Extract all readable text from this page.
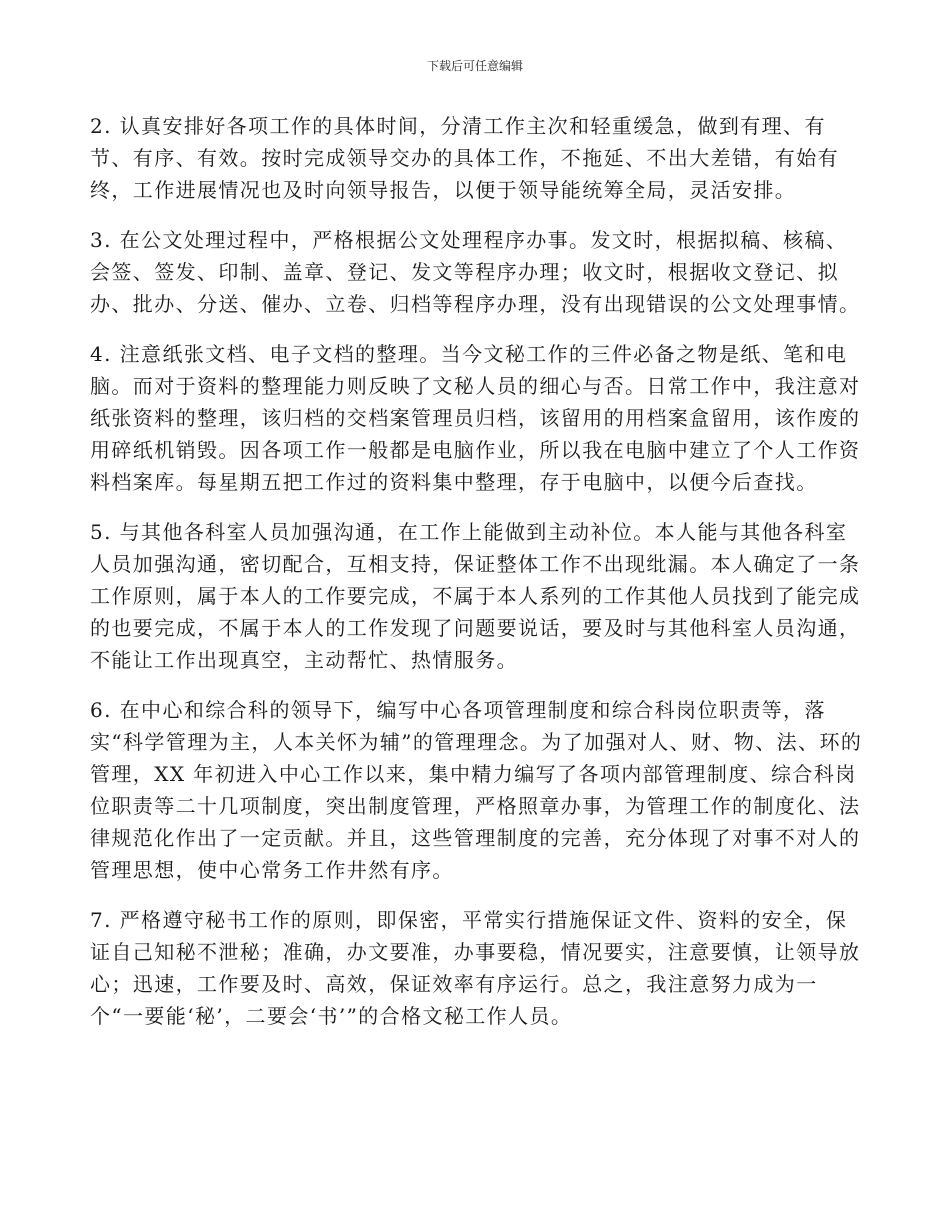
下载后可任意编辑

2. 认真安排好各项工作的具体时间，分清工作主次和轻重缓急，做到有理、有节、有序、有效。按时完成领导交办的具体工作，不拖延、不出大差错，有始有终，工作进展情况也及时向领导报告，以便于领导能统筹全局，灵活安排。

3. 在公文处理过程中，严格根据公文处理程序办事。发文时，根据拟稿、核稿、会签、签发、印制、盖章、登记、发文等程序办理；收文时，根据收文登记、拟办、批办、分送、催办、立卷、归档等程序办理，没有出现错误的公文处理事情。

4. 注意纸张文档、电子文档的整理。当今文秘工作的三件必备之物是纸、笔和电脑。而对于资料的整理能力则反映了文秘人员的细心与否。日常工作中，我注意对纸张资料的整理，该归档的交档案管理员归档，该留用的用档案盒留用，该作废的用碎纸机销毁。因各项工作一般都是电脑作业，所以我在电脑中建立了个人工作资料档案库。每星期五把工作过的资料集中整理，存于电脑中，以便今后查找。

5. 与其他各科室人员加强沟通，在工作上能做到主动补位。本人能与其他各科室人员加强沟通，密切配合，互相支持，保证整体工作不出现纰漏。本人确定了一条工作原则，属于本人的工作要完成，不属于本人系列的工作其他人员找到了能完成的也要完成，不属于本人的工作发现了问题要说话，要及时与其他科室人员沟通，不能让工作出现真空，主动帮忙、热情服务。

6. 在中心和综合科的领导下，编写中心各项管理制度和综合科岗位职责等，落实“科学管理为主，人本关怀为辅”的管理理念。为了加强对人、财、物、法、环的管理，XX 年初进入中心工作以来，集中精力编写了各项内部管理制度、综合科岗位职责等二十几项制度，突出制度管理，严格照章办事，为管理工作的制度化、法律规范化作出了一定贡献。并且，这些管理制度的完善，充分体现了对事不对人的管理思想，使中心常务工作井然有序。

7. 严格遵守秘书工作的原则，即保密，平常实行措施保证文件、资料的安全，保证自己知秘不泄秘；准确，办文要准，办事要稳，情况要实，注意要慎，让领导放心；迅速，工作要及时、高效，保证效率有序运行。总之，我注意努力成为一个“一要能‘秘’，二要会‘书’”的合格文秘工作人员。
